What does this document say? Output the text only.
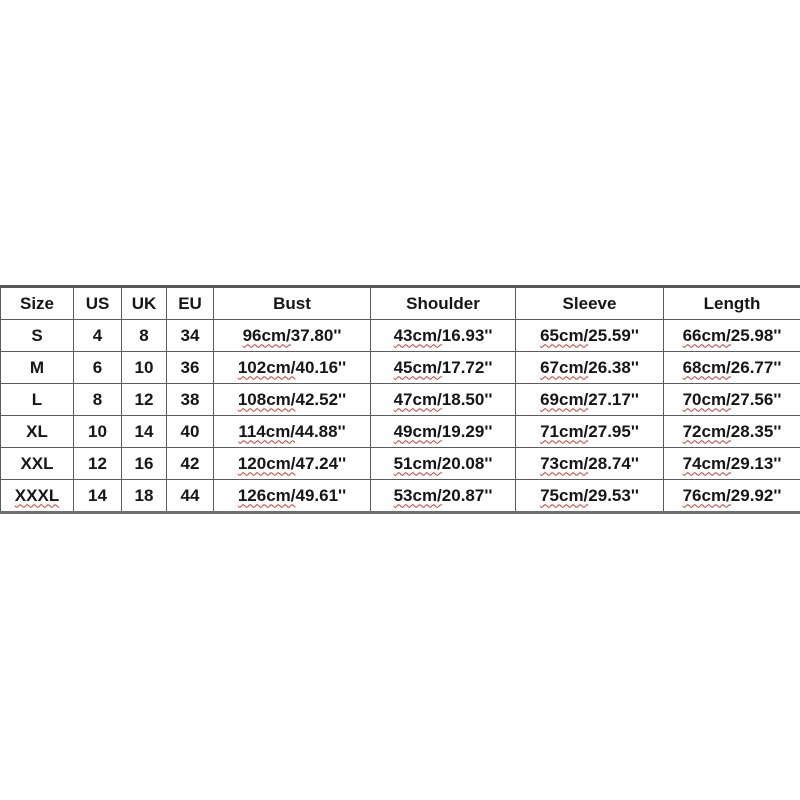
Size	US	UK	EU	Bust	Shoulder	Sleeve	Length
S	4	8	34	96cm/37.80''	43cm/16.93''	65cm/25.59''	66cm/25.98''
M	6	10	36	102cm/40.16''	45cm/17.72''	67cm/26.38''	68cm/26.77''
L	8	12	38	108cm/42.52''	47cm/18.50''	69cm/27.17''	70cm/27.56''
XL	10	14	40	114cm/44.88''	49cm/19.29''	71cm/27.95''	72cm/28.35''
XXL	12	16	42	120cm/47.24''	51cm/20.08''	73cm/28.74''	74cm/29.13''
XXXL	14	18	44	126cm/49.61''	53cm/20.87''	75cm/29.53''	76cm/29.92''
